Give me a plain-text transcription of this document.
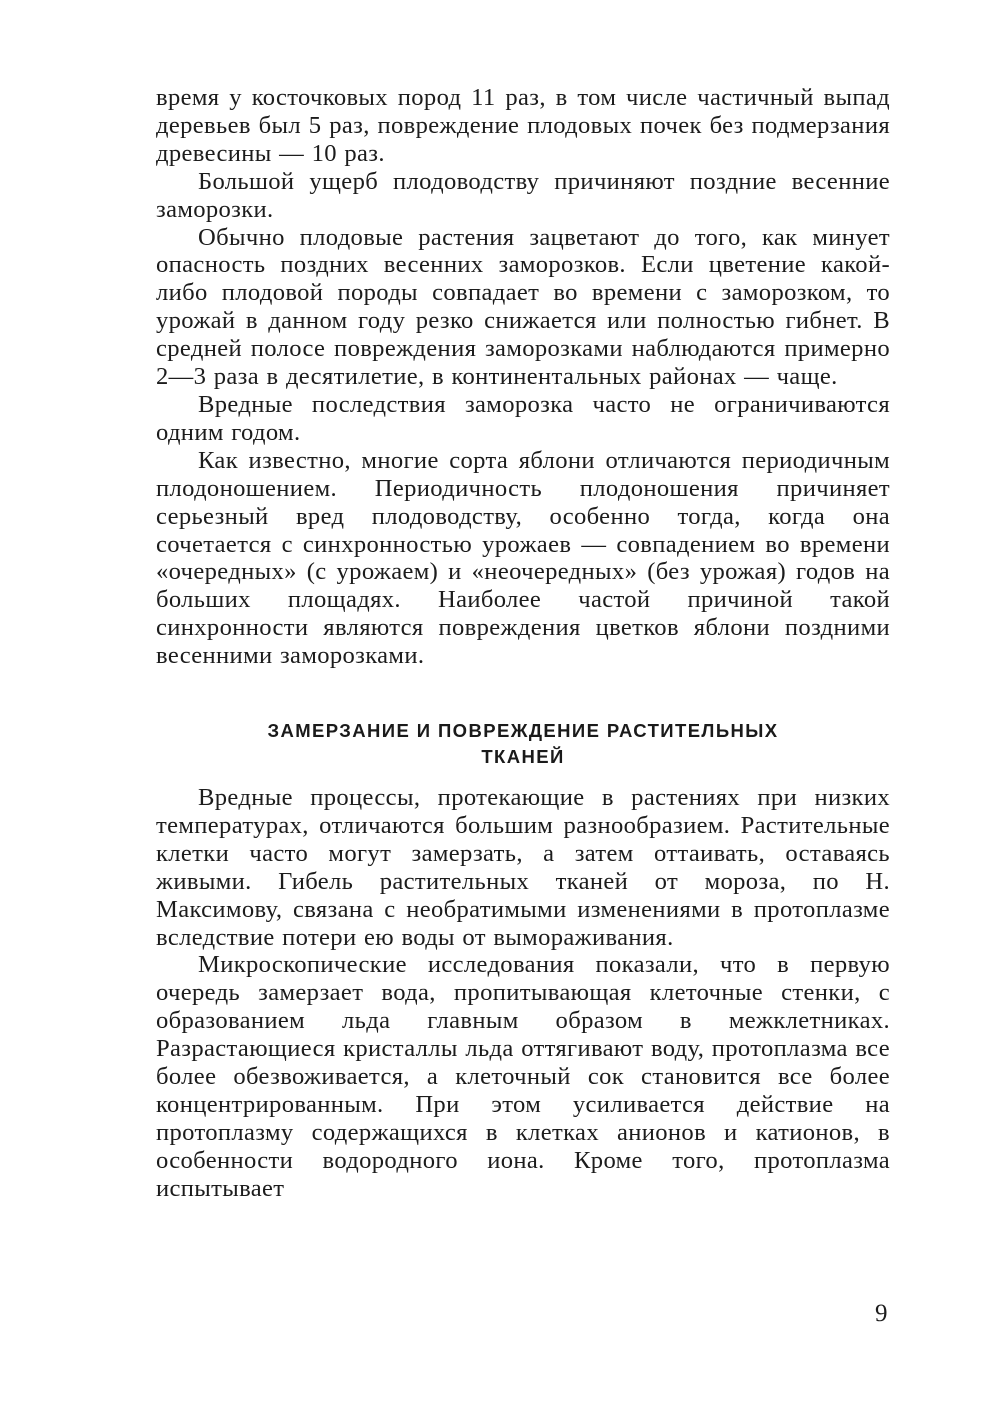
время у косточковых пород 11 раз, в том числе частичный выпад деревьев был 5 раз, повреждение плодовых почек без подмерзания древесины — 10 раз.

Большой ущерб плодоводству причиняют поздние весенние заморозки.

Обычно плодовые растения зацветают до того, как минует опасность поздних весенних заморозков. Если цветение какой-либо плодовой породы совпадает во времени с заморозком, то урожай в данном году резко снижается или полностью гибнет. В средней полосе повреждения заморозками наблюдаются примерно 2—3 раза в десятилетие, в континентальных районах — чаще.

Вредные последствия заморозка часто не ограничиваются одним годом.

Как известно, многие сорта яблони отличаются периодичным плодоношением. Периодичность плодоношения причиняет серьезный вред плодоводству, особенно тогда, когда она сочетается с синхронностью урожаев — совпадением во времени «очередных» (с урожаем) и «неочередных» (без урожая) годов на больших площадях. Наиболее частой причиной такой синхронности являются повреждения цветков яблони поздними весенними заморозками.

ЗАМЕРЗАНИЕ И ПОВРЕЖДЕНИЕ РАСТИТЕЛЬНЫХ
ТКАНЕЙ

Вредные процессы, протекающие в растениях при низких температурах, отличаются большим разнообразием. Растительные клетки часто могут замерзать, а затем оттаивать, оставаясь живыми. Гибель растительных тканей от мороза, по Н. Максимову, связана с необратимыми изменениями в протоплазме вследствие потери ею воды от вымораживания.

Микроскопические исследования показали, что в первую очередь замерзает вода, пропитывающая клеточные стенки, с образованием льда главным образом в межклетниках. Разрастающиеся кристаллы льда оттягивают воду, протоплазма все более обезвоживается, а клеточный сок становится все более концентрированным. При этом усиливается действие на протоплазму содержащихся в клетках анионов и катионов, в особенности водородного иона. Кроме того, протоплазма испытывает

9
